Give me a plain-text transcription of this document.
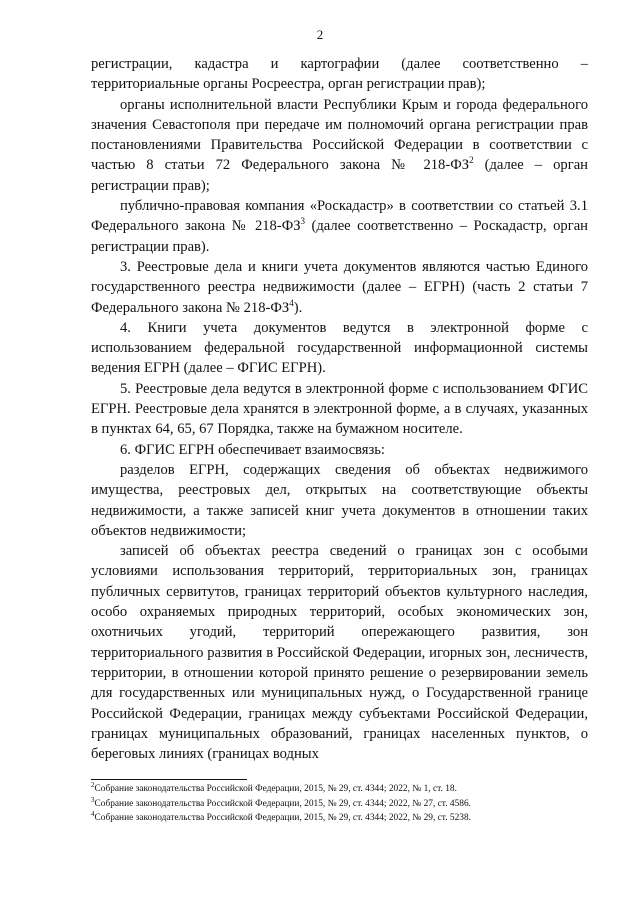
2

регистрации, кадастра и картографии (далее соответственно – территориальные органы Росреестра, орган регистрации прав);

органы исполнительной власти Республики Крым и города федерального значения Севастополя при передаче им полномочий органа регистрации прав постановлениями Правительства Российской Федерации в соответствии с частью 8 статьи 72 Федерального закона № $218-ФЗ^2$ (далее – орган регистрации прав);

публично-правовая компания «Роскадастр» в соответствии со статьей 3.1 Федерального закона № $218-ФЗ^3$ (далее соответственно – Роскадастр, орган регистрации прав).

3. Реестровые дела и книги учета документов являются частью Единого государственного реестра недвижимости (далее – ЕГРН) (часть 2 статьи 7 Федерального закона № $218-ФЗ^4$).

4. Книги учета документов ведутся в электронной форме с использованием федеральной государственной информационной системы ведения ЕГРН (далее – ФГИС ЕГРН).

5. Реестровые дела ведутся в электронной форме с использованием ФГИС ЕГРН. Реестровые дела хранятся в электронной форме, а в случаях, указанных в пунктах 64, 65, 67 Порядка, также на бумажном носителе.

6. ФГИС ЕГРН обеспечивает взаимосвязь:

разделов ЕГРН, содержащих сведения об объектах недвижимого имущества, реестровых дел, открытых на соответствующие объекты недвижимости, а также записей книг учета документов в отношении таких объектов недвижимости;

записей об объектах реестра сведений о границах зон с особыми условиями использования территорий, территориальных зон, границах публичных сервитутов, границах территорий объектов культурного наследия, особо охраняемых природных территорий, особых экономических зон, охотничьих угодий, территорий опережающего развития, зон территориального развития в Российской Федерации, игорных зон, лесничеств, территории, в отношении которой принято решение о резервировании земель для государственных или муниципальных нужд, о Государственной границе Российской Федерации, границах между субъектами Российской Федерации, границах муниципальных образований, границах населенных пунктов, о береговых линиях (границах водных

$^2$Собрание законодательства Российской Федерации, 2015, № 29, ст. 4344; 2022, № 1, ст. 18.

$^3$Собрание законодательства Российской Федерации, 2015, № 29, ст. 4344; 2022, № 27, ст. 4586.

$^4$Собрание законодательства Российской Федерации, 2015, № 29, ст. 4344; 2022, № 29, ст. 5238.
